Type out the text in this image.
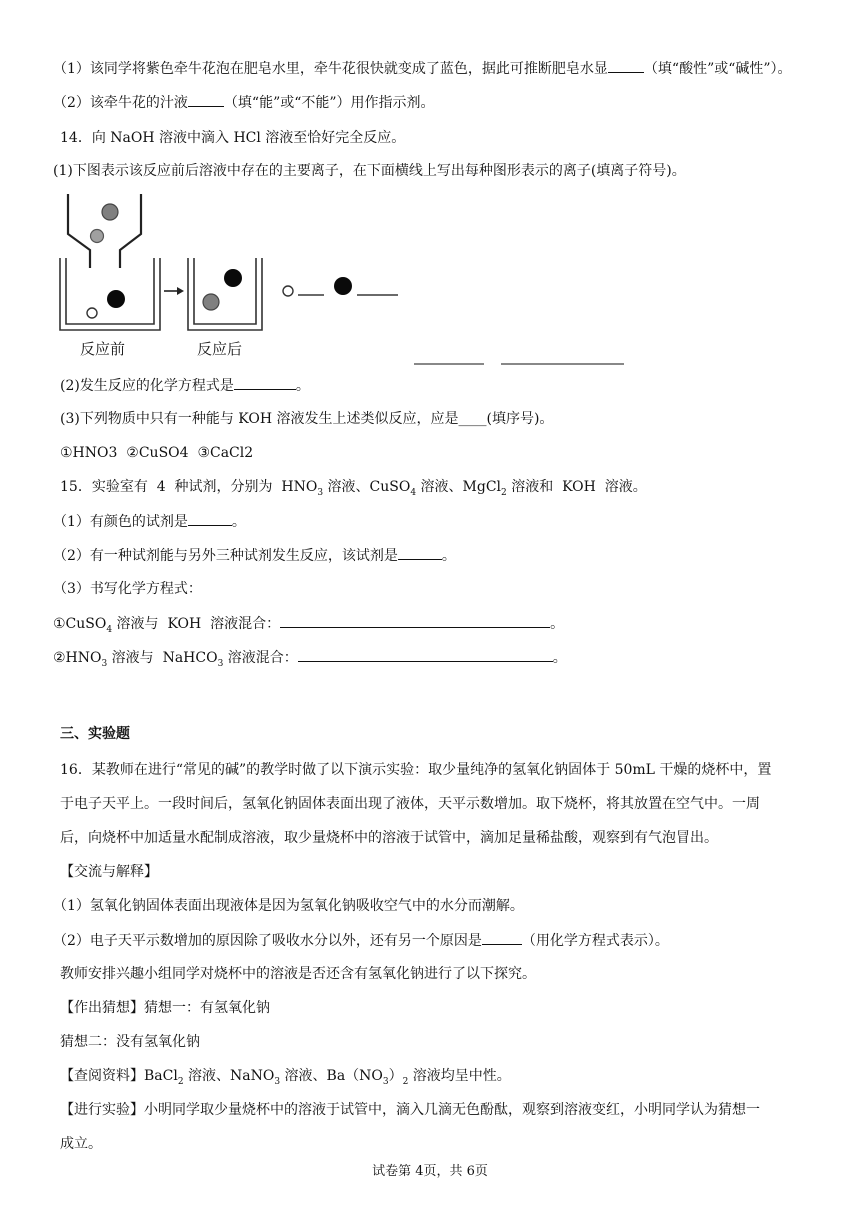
（1）该同学将紫色牵牛花泡在肥皂水里，牵牛花很快就变成了蓝色，据此可推断肥皂水显	（填“酸性”或“碱性”）。
（2）该牵牛花的汁液	（填“能”或“不能”）用作指示剂。
14．向 NaOH 溶液中滴入 HCl 溶液至恰好完全反应。
(1)下图表示该反应前后溶液中存在的主要离子，在下面横线上写出每种图形表示的离子(填离子符号)。
反应前	反应后
(2)发生反应的化学方程式是	。
(3)下列物质中只有一种能与 KOH 溶液发生上述类似反应，应是____(填序号)。
①HNO3  ②CuSO4  ③CaCl2
15．实验室有  4  种试剂，分别为  $HNO_3$ 溶液、CuSO$_4$ 溶液、MgCl$_2$ 溶液和  KOH  溶液。
（1）有颜色的试剂是	。
（2）有一种试剂能与另外三种试剂发生反应，该试剂是	。
（3）书写化学方程式：
①CuSO$_4$ 溶液与  KOH  溶液混合：	。
$②HNO_3$ 溶液与  NaHCO$_3$ 溶液混合：	。
三、实验题
16．某教师在进行“常见的碱”的教学时做了以下演示实验：取少量纯净的氢氧化钠固体于 50mL 干燥的烧杯中，置
于电子天平上。一段时间后，氢氧化钠固体表面出现了液体，天平示数增加。取下烧杯，将其放置在空气中。一周
后，向烧杯中加适量水配制成溶液，取少量烧杯中的溶液于试管中，滴加足量稀盐酸，观察到有气泡冒出。
【交流与解释】
（1）氢氧化钠固体表面出现液体是因为氢氧化钠吸收空气中的水分而潮解。
（2）电子天平示数增加的原因除了吸收水分以外，还有另一个原因是	（用化学方程式表示）。
教师安排兴趣小组同学对烧杯中的溶液是否还含有氢氧化钠进行了以下探究。
【作出猜想】猜想一：有氢氧化钠
猜想二：没有氢氧化钠
【查阅资料】BaCl$_2$ 溶液、NaNO$_3$ 溶液、$Ba(NO_3)_2$ 溶液均呈中性。
【进行实验】小明同学取少量烧杯中的溶液于试管中，滴入几滴无色酚酞，观察到溶液变红，小明同学认为猜想一
成立。
试卷第 4页，共 6页
